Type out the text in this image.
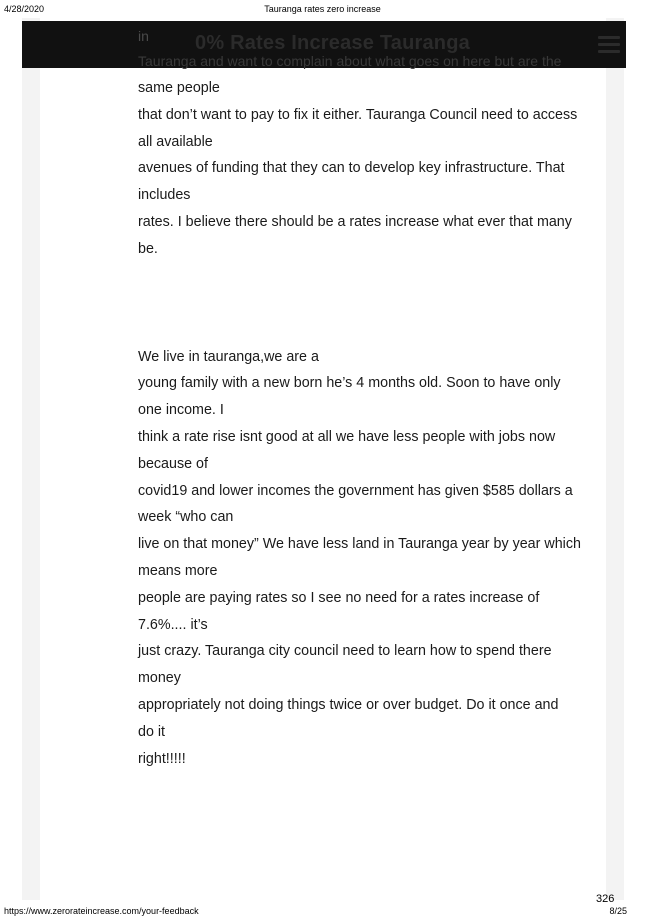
4/28/2020	Tauranga rates zero increase
0% Rates Increase Tauranga
in
Tauranga and want to complain about what goes on here but are the
same people
that don’t want to pay to fix it either. Tauranga Council need to access
all available
avenues of funding that they can to develop key infrastructure. That
includes
rates. I believe there should be a rates increase what ever that many
be.
We live in tauranga,we are a
young family with a new born he’s 4 months old. Soon to have only
one income. I
think a rate rise isnt good at all we have less people with jobs now
because of
covid19 and lower incomes the government has given $585 dollars a
week “who can
live on that money” We have less land in Tauranga year by year which
means more
people are paying rates so I see no need for a rates increase of
7.6%.... it’s
just crazy. Tauranga city council need to learn how to spend there
money
appropriately not doing things twice or over budget. Do it once and
do it
right!!!!!
326
https://www.zerorateincrease.com/your-feedback	8/25
